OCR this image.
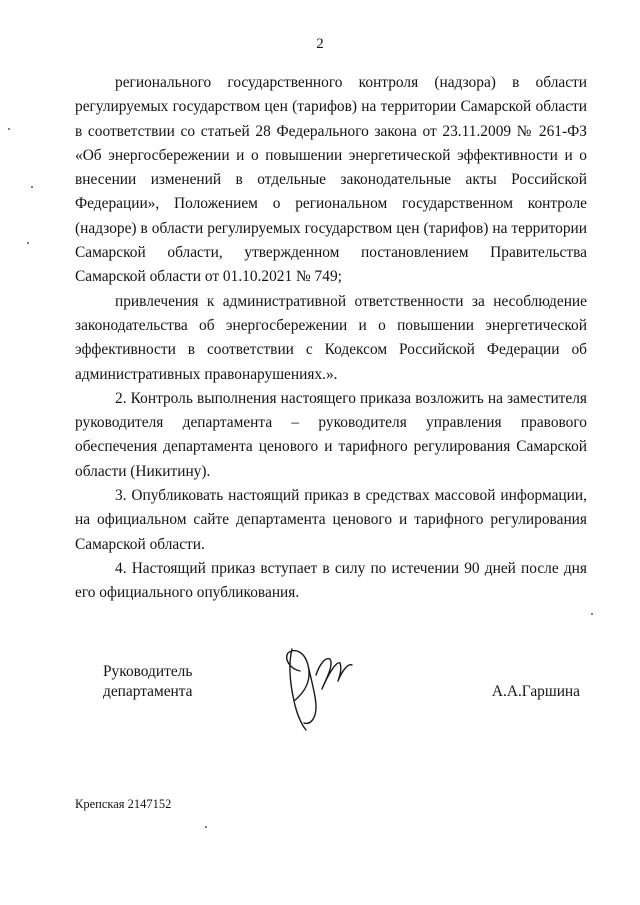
2

регионального государственного контроля (надзора) в области регулируемых государством цен (тарифов) на территории Самарской области в соответствии со статьей 28 Федерального закона от 23.11.2009 № 261-ФЗ «Об энергосбережении и о повышении энергетической эффективности и о внесении изменений в отдельные законодательные акты Российской Федерации», Положением о региональном государственном контроле (надзоре) в области регулируемых государством цен (тарифов) на территории Самарской области, утвержденном постановлением Правительства Самарской области от 01.10.2021 № 749;

привлечения к административной ответственности за несоблюдение законодательства об энергосбережении и о повышении энергетической эффективности в соответствии с Кодексом Российской Федерации об административных правонарушениях.».

2. Контроль выполнения настоящего приказа возложить на заместителя руководителя департамента – руководителя управления правового обеспечения департамента ценового и тарифного регулирования Самарской области (Никитину).

3. Опубликовать настоящий приказ в средствах массовой информации, на официальном сайте департамента ценового и тарифного регулирования Самарской области.

4. Настоящий приказ вступает в силу по истечении 90 дней после дня его официального опубликования.

Руководитель
департамента	А.А.Гаршина
Крепская 2147152
